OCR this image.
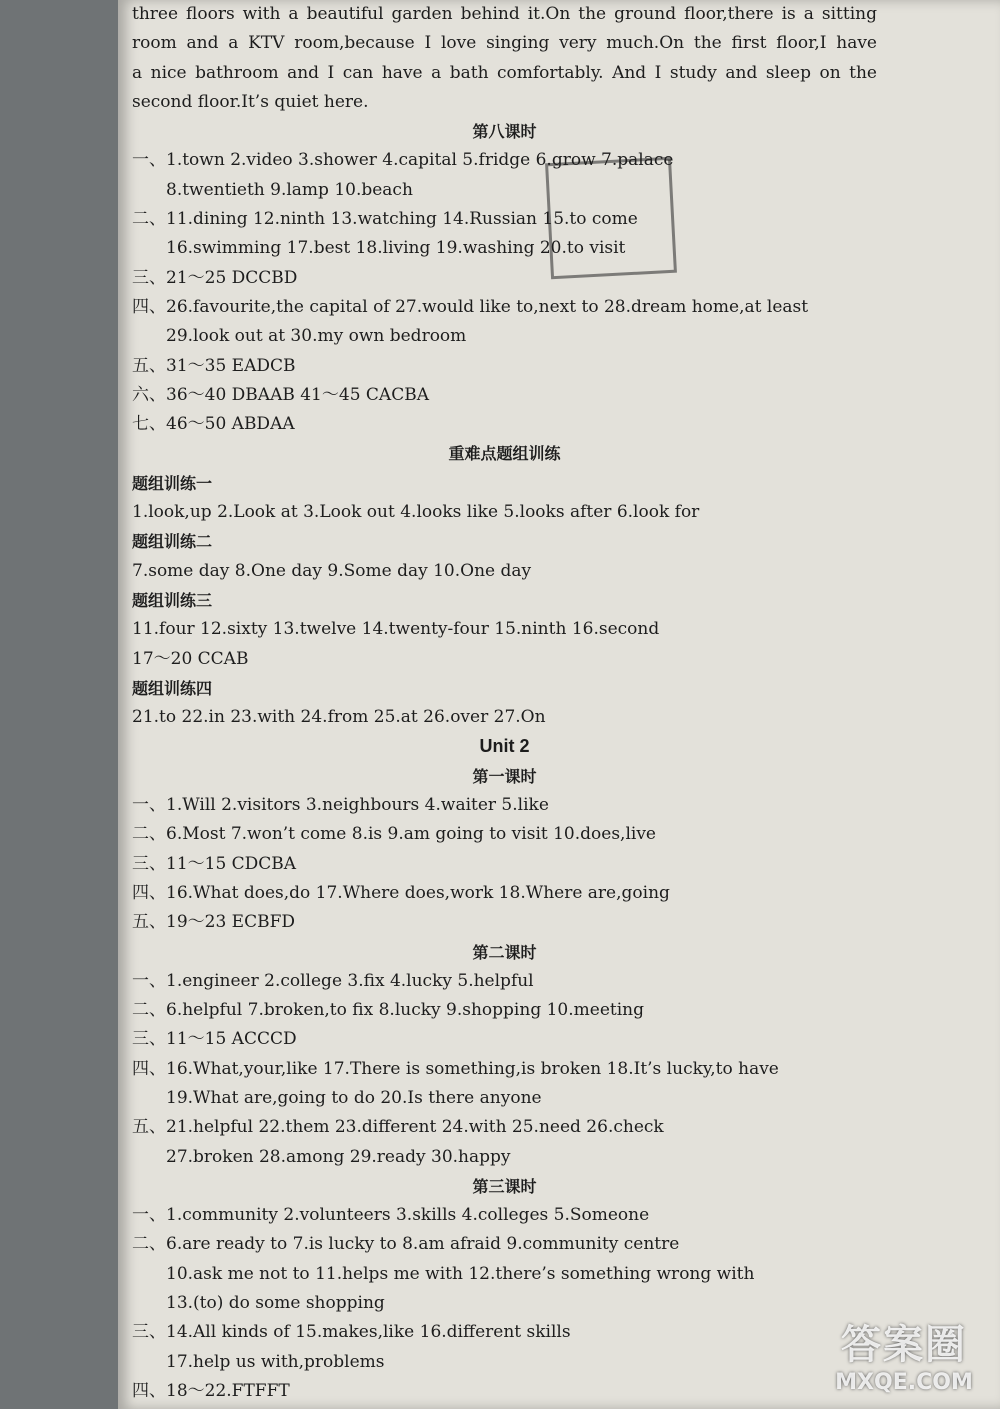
three floors with a beautiful garden behind it.On the ground floor,there is a sitting
room and a KTV room,because I love singing very much.On the first floor,I have
a nice bathroom and I can have a bath comfortably. And I study and sleep on the
second floor.It’s quiet here.
第八课时
一、1.town 2.video 3.shower 4.capital 5.fridge 6.grow 7.palace
8.twentieth 9.lamp 10.beach
二、11.dining 12.ninth 13.watching 14.Russian 15.to come
16.swimming 17.best 18.living 19.washing 20.to visit
三、21～25 DCCBD
四、26.favourite,the capital of 27.would like to,next to 28.dream home,at least
29.look out at 30.my own bedroom
五、31～35 EADCB
六、36～40 DBAAB 41～45 CACBA
七、46～50 ABDAA
重难点题组训练
题组训练一
1.look,up 2.Look at 3.Look out 4.looks like 5.looks after 6.look for
题组训练二
7.some day 8.One day 9.Some day 10.One day
题组训练三
11.four 12.sixty 13.twelve 14.twenty-four 15.ninth 16.second
17～20 CCAB
题组训练四
21.to 22.in 23.with 24.from 25.at 26.over 27.On
Unit 2
第一课时
一、1.Will 2.visitors 3.neighbours 4.waiter 5.like
二、6.Most 7.won’t come 8.is 9.am going to visit 10.does,live
三、11～15 CDCBA
四、16.What does,do 17.Where does,work 18.Where are,going
五、19～23 ECBFD
第二课时
一、1.engineer 2.college 3.fix 4.lucky 5.helpful
二、6.helpful 7.broken,to fix 8.lucky 9.shopping 10.meeting
三、11～15 ACCCD
四、16.What,your,like 17.There is something,is broken 18.It’s lucky,to have
19.What are,going to do 20.Is there anyone
五、21.helpful 22.them 23.different 24.with 25.need 26.check
27.broken 28.among 29.ready 30.happy
第三课时
一、1.community 2.volunteers 3.skills 4.colleges 5.Someone
二、6.are ready to 7.is lucky to 8.am afraid 9.community centre
10.ask me not to 11.helps me with 12.there’s something wrong with
13.(to) do some shopping
三、14.All kinds of 15.makes,like 16.different skills
17.help us with,problems
四、18～22.FTFFT
答案圈
MXQE.COM
